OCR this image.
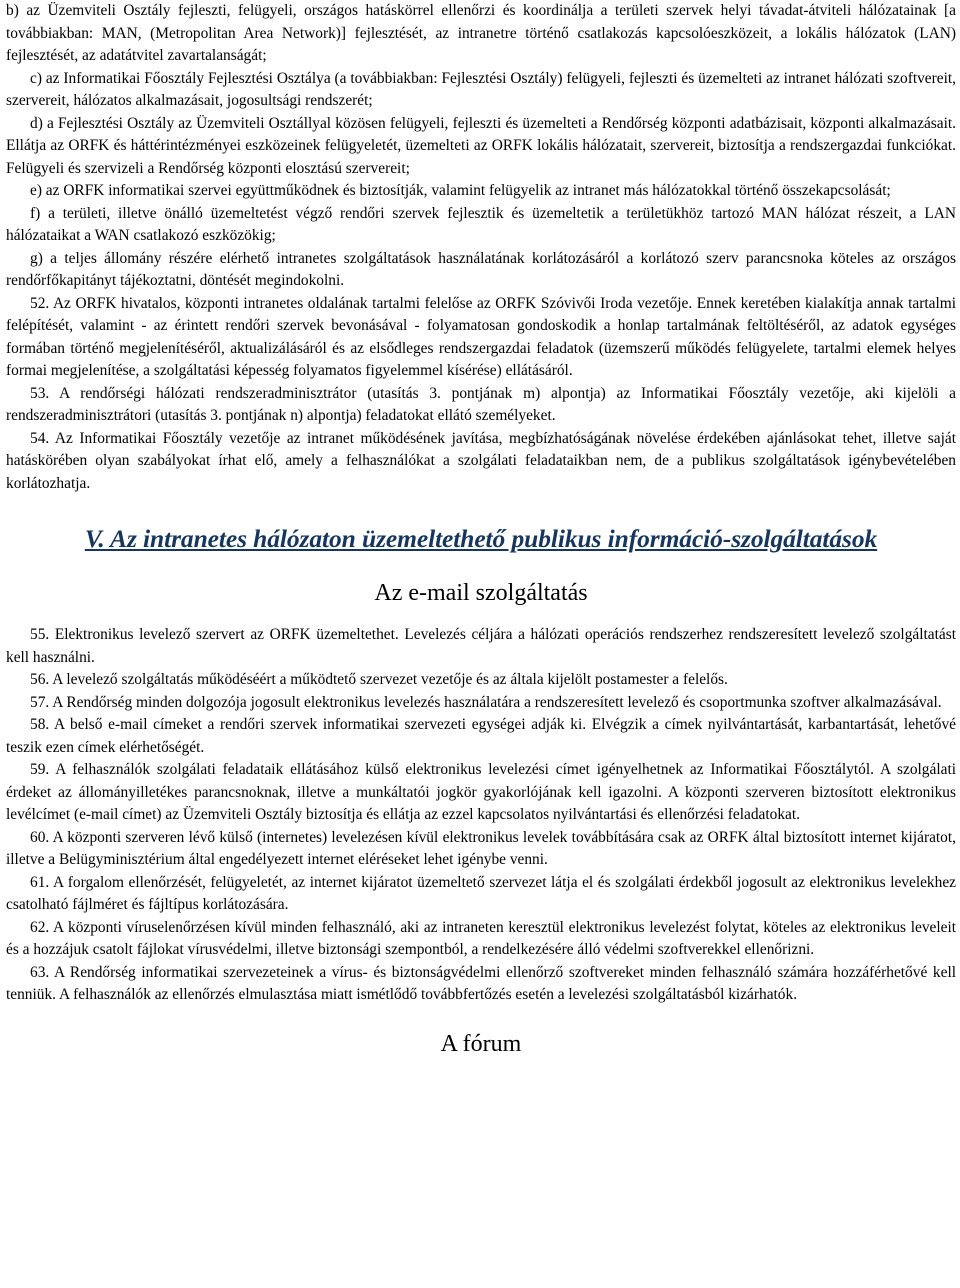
b) az Üzemviteli Osztály fejleszti, felügyeli, országos hatáskörrel ellenőrzi és koordinálja a területi szervek helyi távadat-átviteli hálózatainak [a továbbiakban: MAN, (Metropolitan Area Network)] fejlesztését, az intranetre történő csatlakozás kapcsolóeszközeit, a lokális hálózatok (LAN) fejlesztését, az adatátvitel zavartalanságát;

c) az Informatikai Főosztály Fejlesztési Osztálya (a továbbiakban: Fejlesztési Osztály) felügyeli, fejleszti és üzemelteti az intranet hálózati szoftvereit, szervereit, hálózatos alkalmazásait, jogosultsági rendszerét;

d) a Fejlesztési Osztály az Üzemviteli Osztállyal közösen felügyeli, fejleszti és üzemelteti a Rendőrség központi adatbázisait, központi alkalmazásait. Ellátja az ORFK és háttérintézményei eszközeinek felügyeletét, üzemelteti az ORFK lokális hálózatait, szervereit, biztosítja a rendszergazdai funkciókat. Felügyeli és szervizeli a Rendőrség központi elosztású szervereit;

e) az ORFK informatikai szervei együttműködnek és biztosítják, valamint felügyelik az intranet más hálózatokkal történő összekapcsolását;

f) a területi, illetve önálló üzemeltetést végző rendőri szervek fejlesztik és üzemeltetik a területükhöz tartozó MAN hálózat részeit, a LAN hálózataikat a WAN csatlakozó eszközökig;

g) a teljes állomány részére elérhető intranetes szolgáltatások használatának korlátozásáról a korlátozó szerv parancsnoka köteles az országos rendőrfőkapitányt tájékoztatni, döntését megindokolni.

52. Az ORFK hivatalos, központi intranetes oldalának tartalmi felelőse az ORFK Szóvivői Iroda vezetője. Ennek keretében kialakítja annak tartalmi felépítését, valamint - az érintett rendőri szervek bevonásával - folyamatosan gondoskodik a honlap tartalmának feltöltéséről, az adatok egységes formában történő megjelenítéséről, aktualizálásáról és az elsődleges rendszergazdai feladatok (üzemszerű működés felügyelete, tartalmi elemek helyes formai megjelenítése, a szolgáltatási képesség folyamatos figyelemmel kísérése) ellátásáról.

53. A rendőrségi hálózati rendszeradminisztrátor (utasítás 3. pontjának m) alpontja) az Informatikai Főosztály vezetője, aki kijelöli a rendszeradminisztrátori (utasítás 3. pontjának n) alpontja) feladatokat ellátó személyeket.

54. Az Informatikai Főosztály vezetője az intranet működésének javítása, megbízhatóságának növelése érdekében ajánlásokat tehet, illetve saját hatáskörében olyan szabályokat írhat elő, amely a felhasználókat a szolgálati feladataikban nem, de a publikus szolgáltatások igénybevételében korlátozhatja.

V. Az intranetes hálózaton üzemeltethető publikus információ-szolgáltatások
Az e-mail szolgáltatás

55. Elektronikus levelező szervert az ORFK üzemeltethet. Levelezés céljára a hálózati operációs rendszerhez rendszeresített levelező szolgáltatást kell használni.

56. A levelező szolgáltatás működéséért a működtető szervezet vezetője és az általa kijelölt postamester a felelős.

57. A Rendőrség minden dolgozója jogosult elektronikus levelezés használatára a rendszeresített levelező és csoportmunka szoftver alkalmazásával.

58. A belső e-mail címeket a rendőri szervek informatikai szervezeti egységei adják ki. Elvégzik a címek nyilvántartását, karbantartását, lehetővé teszik ezen címek elérhetőségét.

59. A felhasználók szolgálati feladataik ellátásához külső elektronikus levelezési címet igényelhetnek az Informatikai Főosztálytól. A szolgálati érdeket az állományilletékes parancsnoknak, illetve a munkáltatói jogkör gyakorlójának kell igazolni. A központi szerveren biztosított elektronikus levélcímet (e-mail címet) az Üzemviteli Osztály biztosítja és ellátja az ezzel kapcsolatos nyilvántartási és ellenőrzési feladatokat.

60. A központi szerveren lévő külső (internetes) levelezésen kívül elektronikus levelek továbbítására csak az ORFK által biztosított internet kijáratot, illetve a Belügyminisztérium által engedélyezett internet eléréseket lehet igénybe venni.

61. A forgalom ellenőrzését, felügyeletét, az internet kijáratot üzemeltető szervezet látja el és szolgálati érdekből jogosult az elektronikus levelekhez csatolható fájlméret és fájltípus korlátozására.

62. A központi víruselenőrzésen kívül minden felhasználó, aki az intraneten keresztül elektronikus levelezést folytat, köteles az elektronikus leveleit és a hozzájuk csatolt fájlokat vírusvédelmi, illetve biztonsági szempontból, a rendelkezésére álló védelmi szoftverekkel ellenőrizni.

63. A Rendőrség informatikai szervezeteinek a vírus- és biztonságvédelmi ellenőrző szoftvereket minden felhasználó számára hozzáférhetővé kell tenniük. A felhasználók az ellenőrzés elmulasztása miatt ismétlődő továbbfertőzés esetén a levelezési szolgáltatásból kizárhatók.

A fórum
